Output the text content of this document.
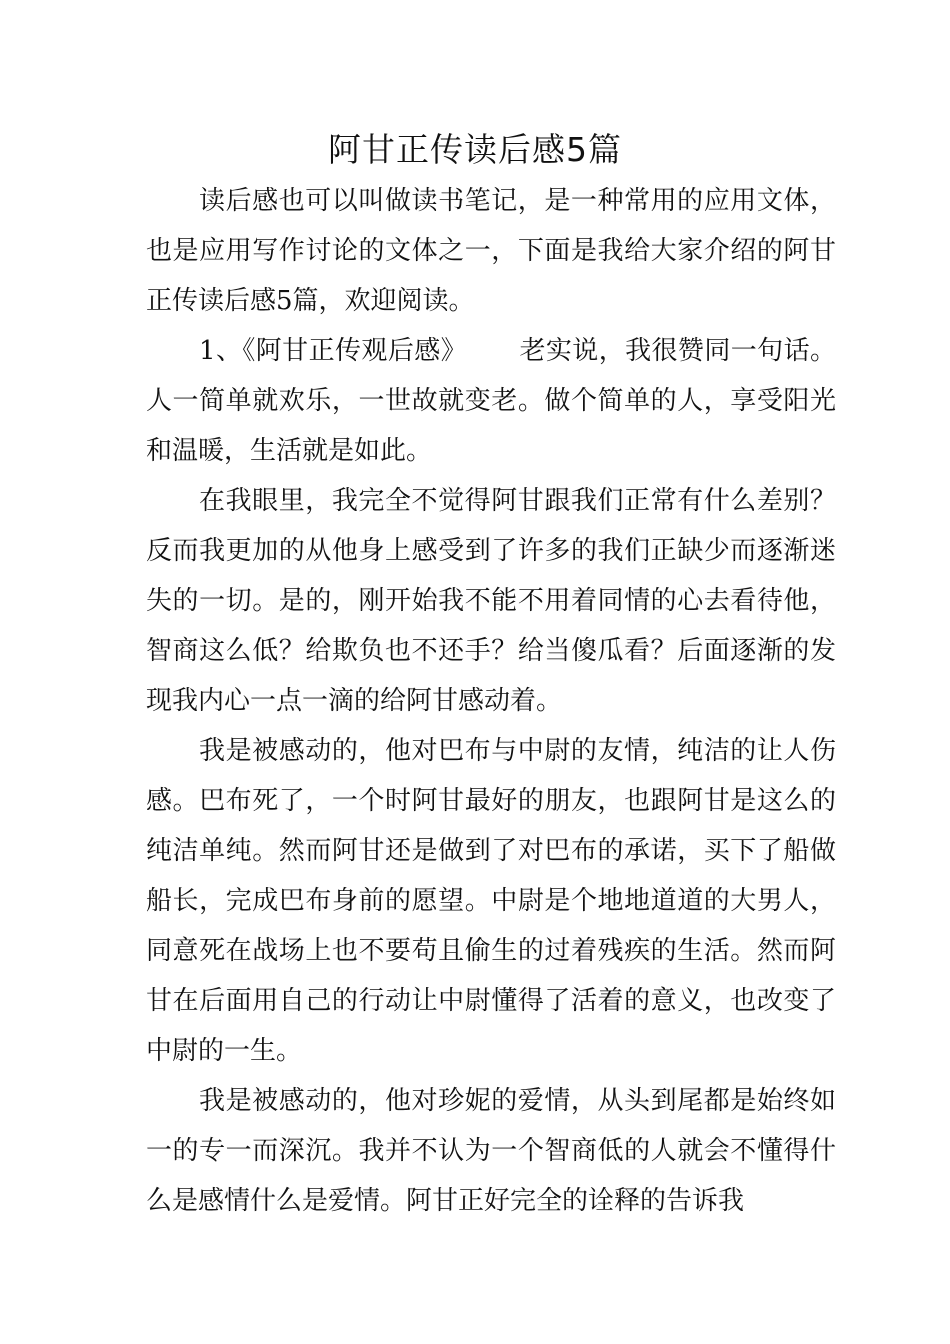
阿甘正传读后感5篇

读后感也可以叫做读书笔记，是一种常用的应用文体，也是应用写作讨论的文体之一，下面是我给大家介绍的阿甘正传读后感5篇，欢迎阅读。

1、《阿甘正传观后感》 老实说，我很赞同一句话。人一简单就欢乐，一世故就变老。做个简单的人，享受阳光和温暖，生活就是如此。

在我眼里，我完全不觉得阿甘跟我们正常有什么差别？反而我更加的从他身上感受到了许多的我们正缺少而逐渐迷失的一切。是的，刚开始我不能不用着同情的心去看待他，智商这么低？给欺负也不还手？给当傻瓜看？后面逐渐的发现我内心一点一滴的给阿甘感动着。

我是被感动的，他对巴布与中尉的友情，纯洁的让人伤感。巴布死了，一个时阿甘最好的朋友，也跟阿甘是这么的纯洁单纯。然而阿甘还是做到了对巴布的承诺，买下了船做船长，完成巴布身前的愿望。中尉是个地地道道的大男人，同意死在战场上也不要苟且偷生的过着残疾的生活。然而阿甘在后面用自己的行动让中尉懂得了活着的意义，也改变了中尉的一生。

我是被感动的，他对珍妮的爱情，从头到尾都是始终如一的专一而深沉。我并不认为一个智商低的人就会不懂得什么是感情什么是爱情。阿甘正好完全的诠释的告诉我
